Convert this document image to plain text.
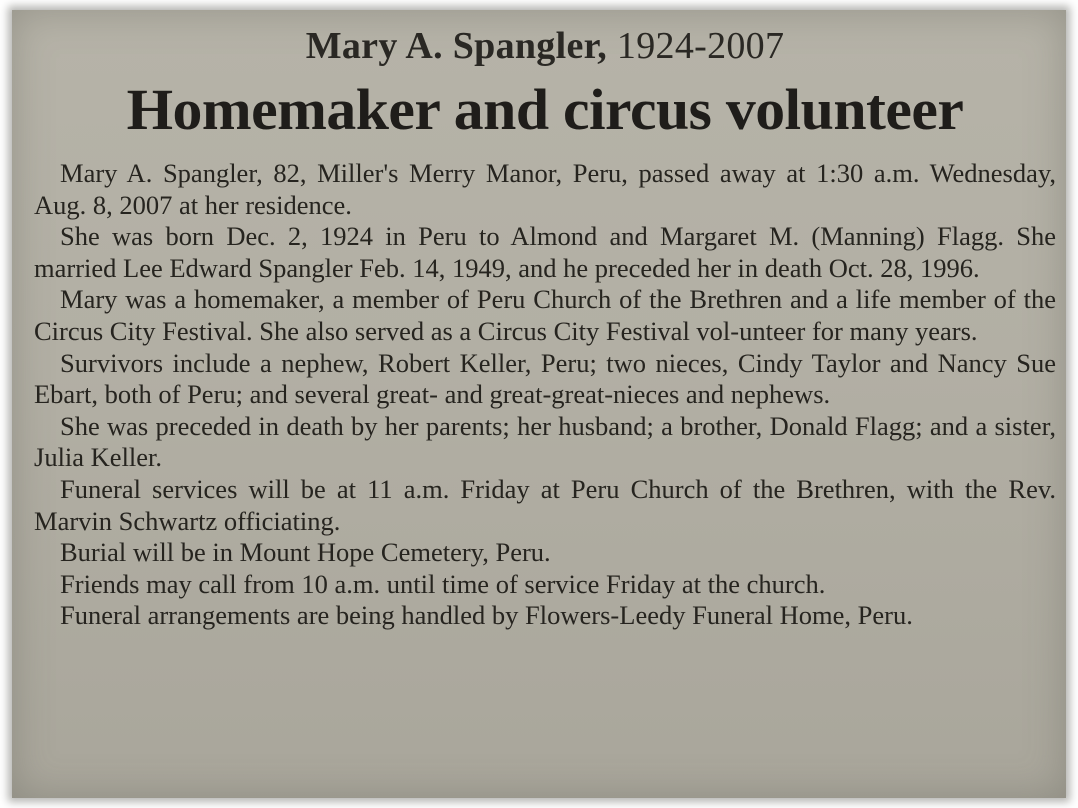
Mary A. Spangler, 1924-2007
Homemaker and circus volunteer

Mary A. Spangler, 82, Miller's Merry Manor, Peru, passed away at 1:30 a.m. Wednesday, Aug. 8, 2007 at her residence.

She was born Dec. 2, 1924 in Peru to Almond and Margaret M. (Manning) Flagg. She married Lee Edward Spangler Feb. 14, 1949, and he preceded her in death Oct. 28, 1996.

Mary was a homemaker, a member of Peru Church of the Brethren and a life member of the Circus City Festival. She also served as a Circus City Festival vol-unteer for many years.

Survivors include a nephew, Robert Keller, Peru; two nieces, Cindy Taylor and Nancy Sue Ebart, both of Peru; and several great- and great-great-nieces and nephews.

She was preceded in death by her parents; her husband; a brother, Donald Flagg; and a sister, Julia Keller.

Funeral services will be at 11 a.m. Friday at Peru Church of the Brethren, with the Rev. Marvin Schwartz officiating.

Burial will be in Mount Hope Cemetery, Peru.

Friends may call from 10 a.m. until time of service Friday at the church.

Funeral arrangements are being handled by Flowers-Leedy Funeral Home, Peru.
